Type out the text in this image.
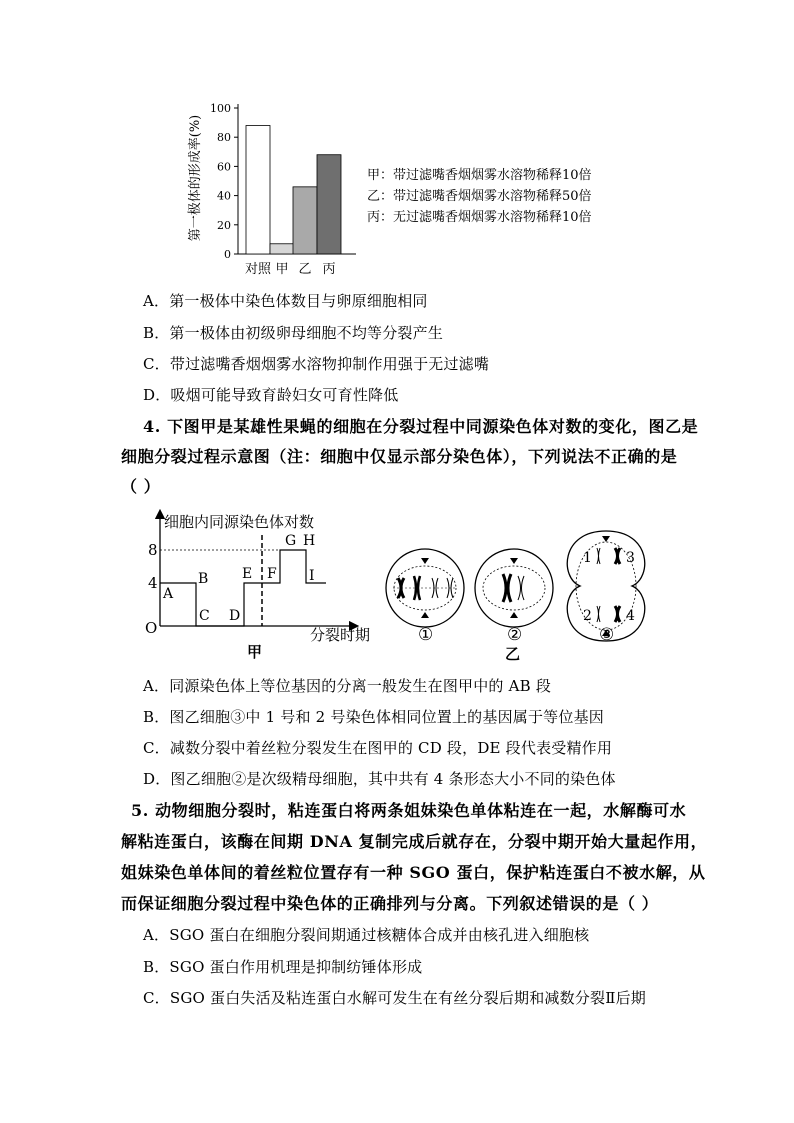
第一极体的形成率(%)
0
20
40
60
80
100
对照 甲 乙 丙
甲：带过滤嘴香烟烟雾水溶物稀释10倍
乙：带过滤嘴香烟烟雾水溶物稀释50倍
丙：无过滤嘴香烟烟雾水溶物稀释10倍
A．第一极体中染色体数目与卵原细胞相同
B．第一极体由初级卵母细胞不均等分裂产生
C．带过滤嘴香烟烟雾水溶物抑制作用强于无过滤嘴
D．吸烟可能导致育龄妇女可育性降低
4. 下图甲是某雄性果蝇的细胞在分裂过程中同源染色体对数的变化，图乙是
细胞分裂过程示意图（注：细胞中仅显示部分染色体），下列说法不正确的是
（ ）
细胞内同源染色体对数
分裂时期
O
8
4
A
B
C D
E F
G H
I
甲
①	②
乙
1 3
2 4
③
A．同源染色体上等位基因的分离一般发生在图甲中的 AB 段
B．图乙细胞③中 1 号和 2 号染色体相同位置上的基因属于等位基因
C．减数分裂中着丝粒分裂发生在图甲的 CD 段，DE 段代表受精作用
D．图乙细胞②是次级精母细胞，其中共有 4 条形态大小不同的染色体
5. 动物细胞分裂时，粘连蛋白将两条姐妹染色单体粘连在一起，水解酶可水
解粘连蛋白，该酶在间期 DNA 复制完成后就存在，分裂中期开始大量起作用，
姐妹染色单体间的着丝粒位置存有一种 SGO 蛋白，保护粘连蛋白不被水解，从
而保证细胞分裂过程中染色体的正确排列与分离。下列叙述错误的是（ ）
A．SGO 蛋白在细胞分裂间期通过核糖体合成并由核孔进入细胞核
B．SGO 蛋白作用机理是抑制纺锤体形成
C．SGO 蛋白失活及粘连蛋白水解可发生在有丝分裂后期和减数分裂Ⅱ后期
